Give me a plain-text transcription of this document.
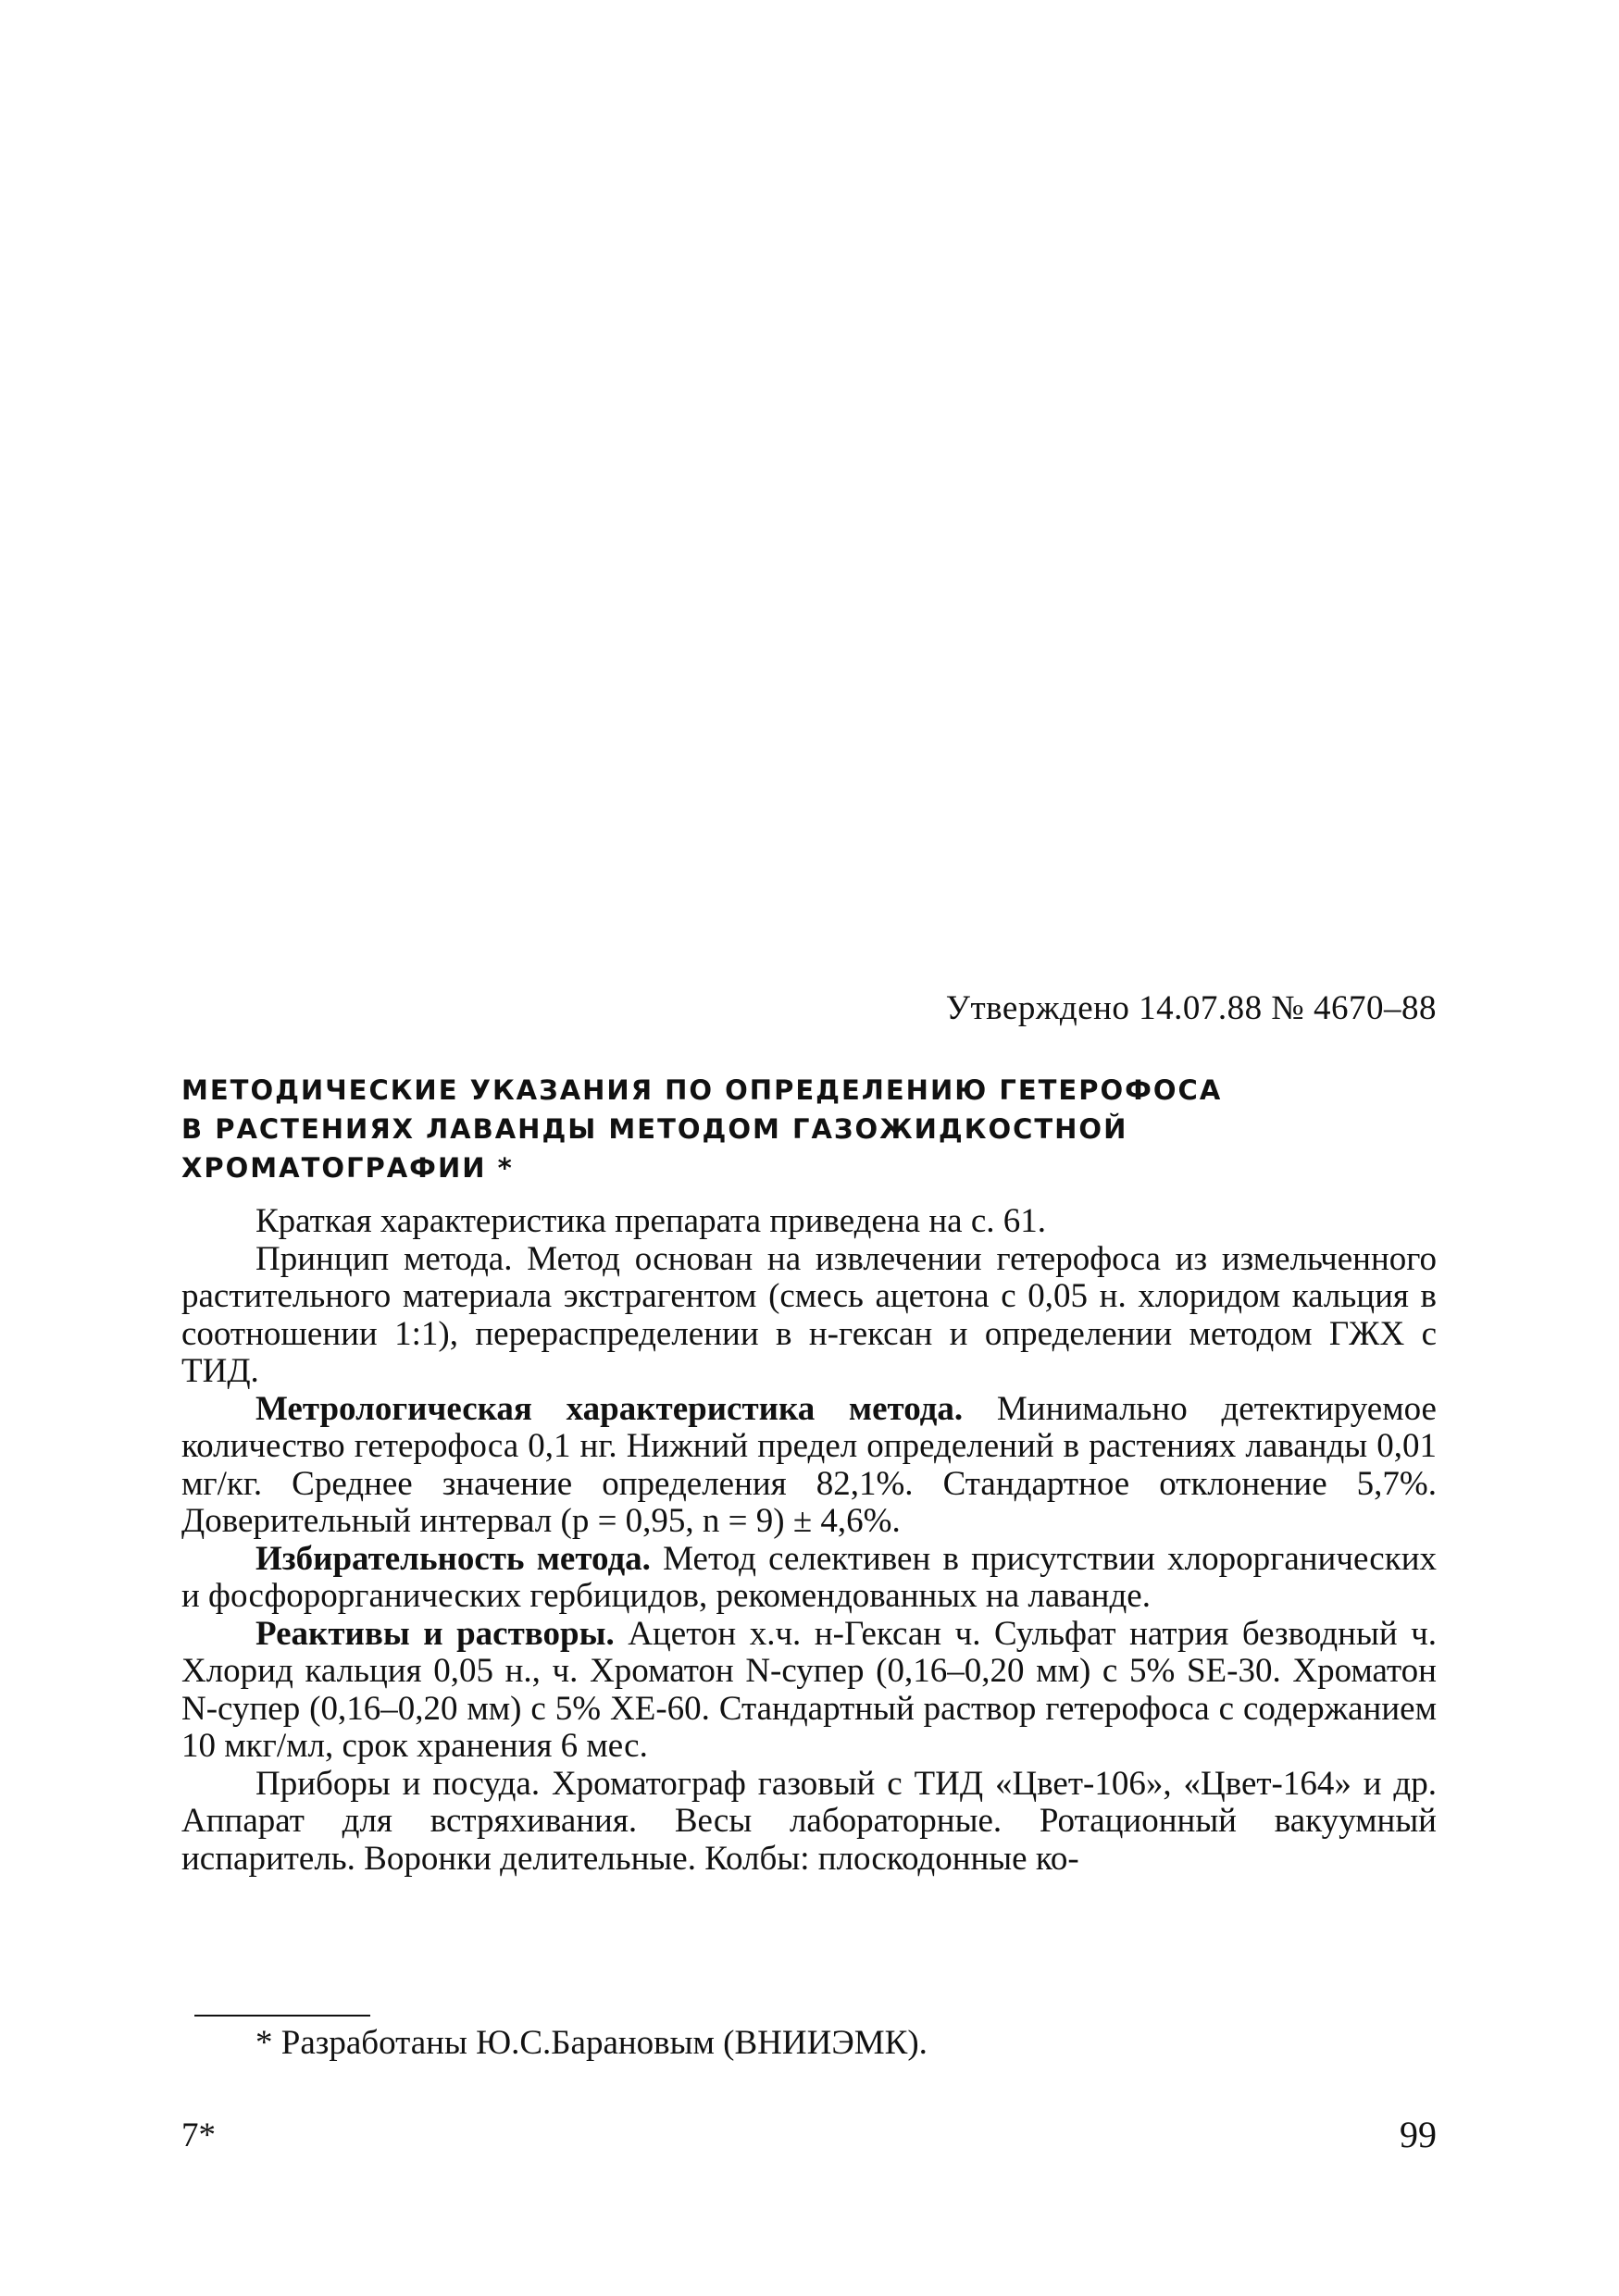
Утверждено 14.07.88 № 4670–88
МЕТОДИЧЕСКИЕ УКАЗАНИЯ ПО ОПРЕДЕЛЕНИЮ ГЕТЕРОФОСА
В РАСТЕНИЯХ ЛАВАНДЫ МЕТОДОМ ГАЗОЖИДКОСТНОЙ
ХРОМАТОГРАФИИ *

Краткая характеристика препарата приведена на с. 61.

Принцип метода. Метод основан на извлечении гетерофоса из измельченного растительного материала экстрагентом (смесь ацетона с 0,05 н. хлоридом кальция в соотношении 1:1), перераспределении в н-гексан и определении методом ГЖХ с ТИД.

Метрологическая характеристика метода. Минимально детектируемое количество гетерофоса 0,1 нг. Нижний предел определений в растениях лаванды 0,01 мг/кг. Среднее значение определения 82,1%. Стандартное отклонение 5,7%. Доверительный интервал (p = 0,95, n = 9) ± 4,6%.

Избирательность метода. Метод селективен в присутствии хлорорганических и фосфорорганических гербицидов, рекомендованных на лаванде.

Реактивы и растворы. Ацетон х.ч. н-Гексан ч. Сульфат натрия безводный ч. Хлорид кальция 0,05 н., ч. Хроматон N-супер (0,16–0,20 мм) с 5% SE-30. Хроматон N-супер (0,16–0,20 мм) с 5% XE-60. Стандартный раствор гетерофоса с содержанием 10 мкг/мл, срок хранения 6 мес.

Приборы и посуда. Хроматограф газовый с ТИД «Цвет-106», «Цвет-164» и др. Аппарат для встряхивания. Весы лабораторные. Ротационный вакуумный испаритель. Воронки делительные. Колбы: плоскодонные ко-

* Разработаны Ю.С.Барановым (ВНИИЭМК).
7*	99
